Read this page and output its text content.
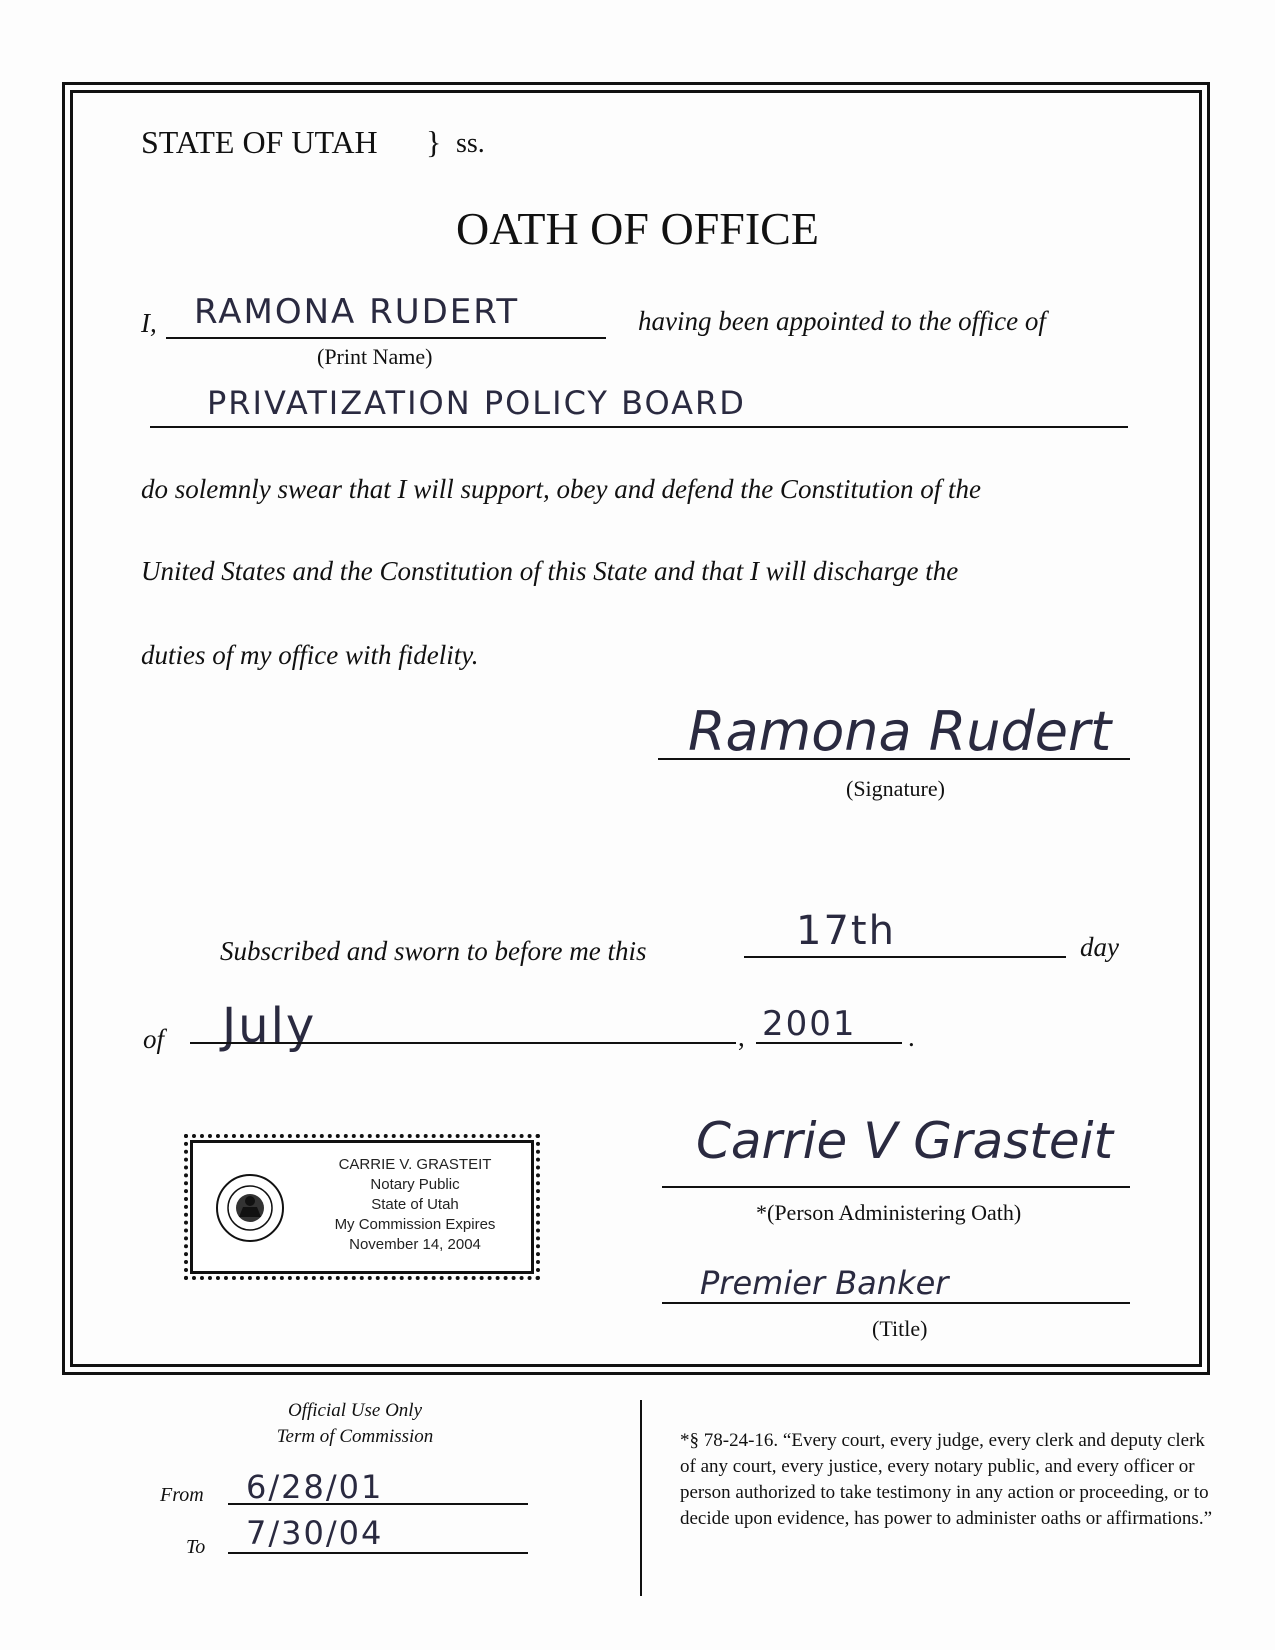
STATE OF UTAH } ss.
OATH OF OFFICE
I, RAMONA RUDERT
(Print Name)
having been appointed to the office of
PRIVATIZATION POLICY BOARD
do solemnly swear that I will support, obey and defend the Constitution of the
United States and the Constitution of this State and that I will discharge the
duties of my office with fidelity.
Ramona Rudert
(Signature)
Subscribed and sworn to before me this	17th	day
of July	, 2001 .
CARRIE V. GRASTEIT
Notary Public
State of Utah
My Commission Expires
November 14, 2004
Carrie V Grasteit
*(Person Administering Oath)
Premier Banker
(Title)
Official Use Only
Term of Commission
From 6/28/01
To 7/30/04
*§ 78-24-16. “Every court, every judge, every clerk and deputy clerk of any court, every justice, every notary public, and every officer or person authorized to take testimony in any action or proceeding, or to decide upon evidence, has power to administer oaths or affirmations.”
